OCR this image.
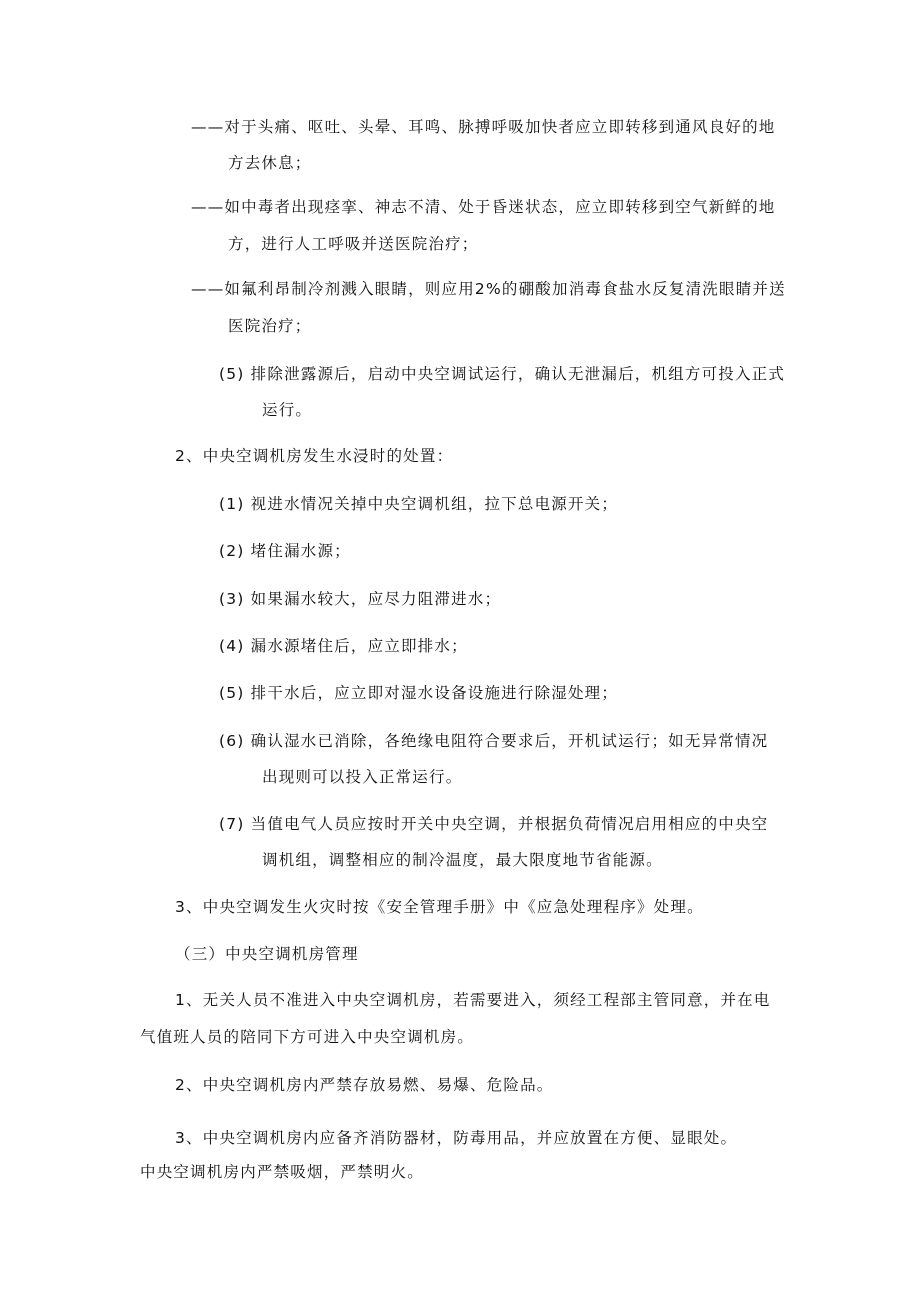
——对于头痛、呕吐、头晕、耳鸣、脉搏呼吸加快者应立即转移到通风良好的地
方去休息；
——如中毒者出现痉挛、神志不清、处于昏迷状态，应立即转移到空气新鲜的地
方，进行人工呼吸并送医院治疗；
——如氟利昂制冷剂溅入眼睛，则应用2%的硼酸加消毒食盐水反复清洗眼睛并送
医院治疗；
(5) 排除泄露源后，启动中央空调试运行，确认无泄漏后，机组方可投入正式
运行。
2、中央空调机房发生水浸时的处置：
(1) 视进水情况关掉中央空调机组，拉下总电源开关；
(2) 堵住漏水源；
(3) 如果漏水较大，应尽力阻滞进水；
(4) 漏水源堵住后，应立即排水；
(5) 排干水后，应立即对湿水设备设施进行除湿处理；
(6) 确认湿水已消除，各绝缘电阻符合要求后，开机试运行；如无异常情况
出现则可以投入正常运行。
(7) 当值电气人员应按时开关中央空调，并根据负荷情况启用相应的中央空
调机组，调整相应的制冷温度，最大限度地节省能源。
3、中央空调发生火灾时按《安全管理手册》中《应急处理程序》处理。
（三）中央空调机房管理
1、无关人员不准进入中央空调机房，若需要进入，须经工程部主管同意，并在电
气值班人员的陪同下方可进入中央空调机房。
2、中央空调机房内严禁存放易燃、易爆、危险品。
3、中央空调机房内应备齐消防器材，防毒用品，并应放置在方便、显眼处。
中央空调机房内严禁吸烟，严禁明火。
